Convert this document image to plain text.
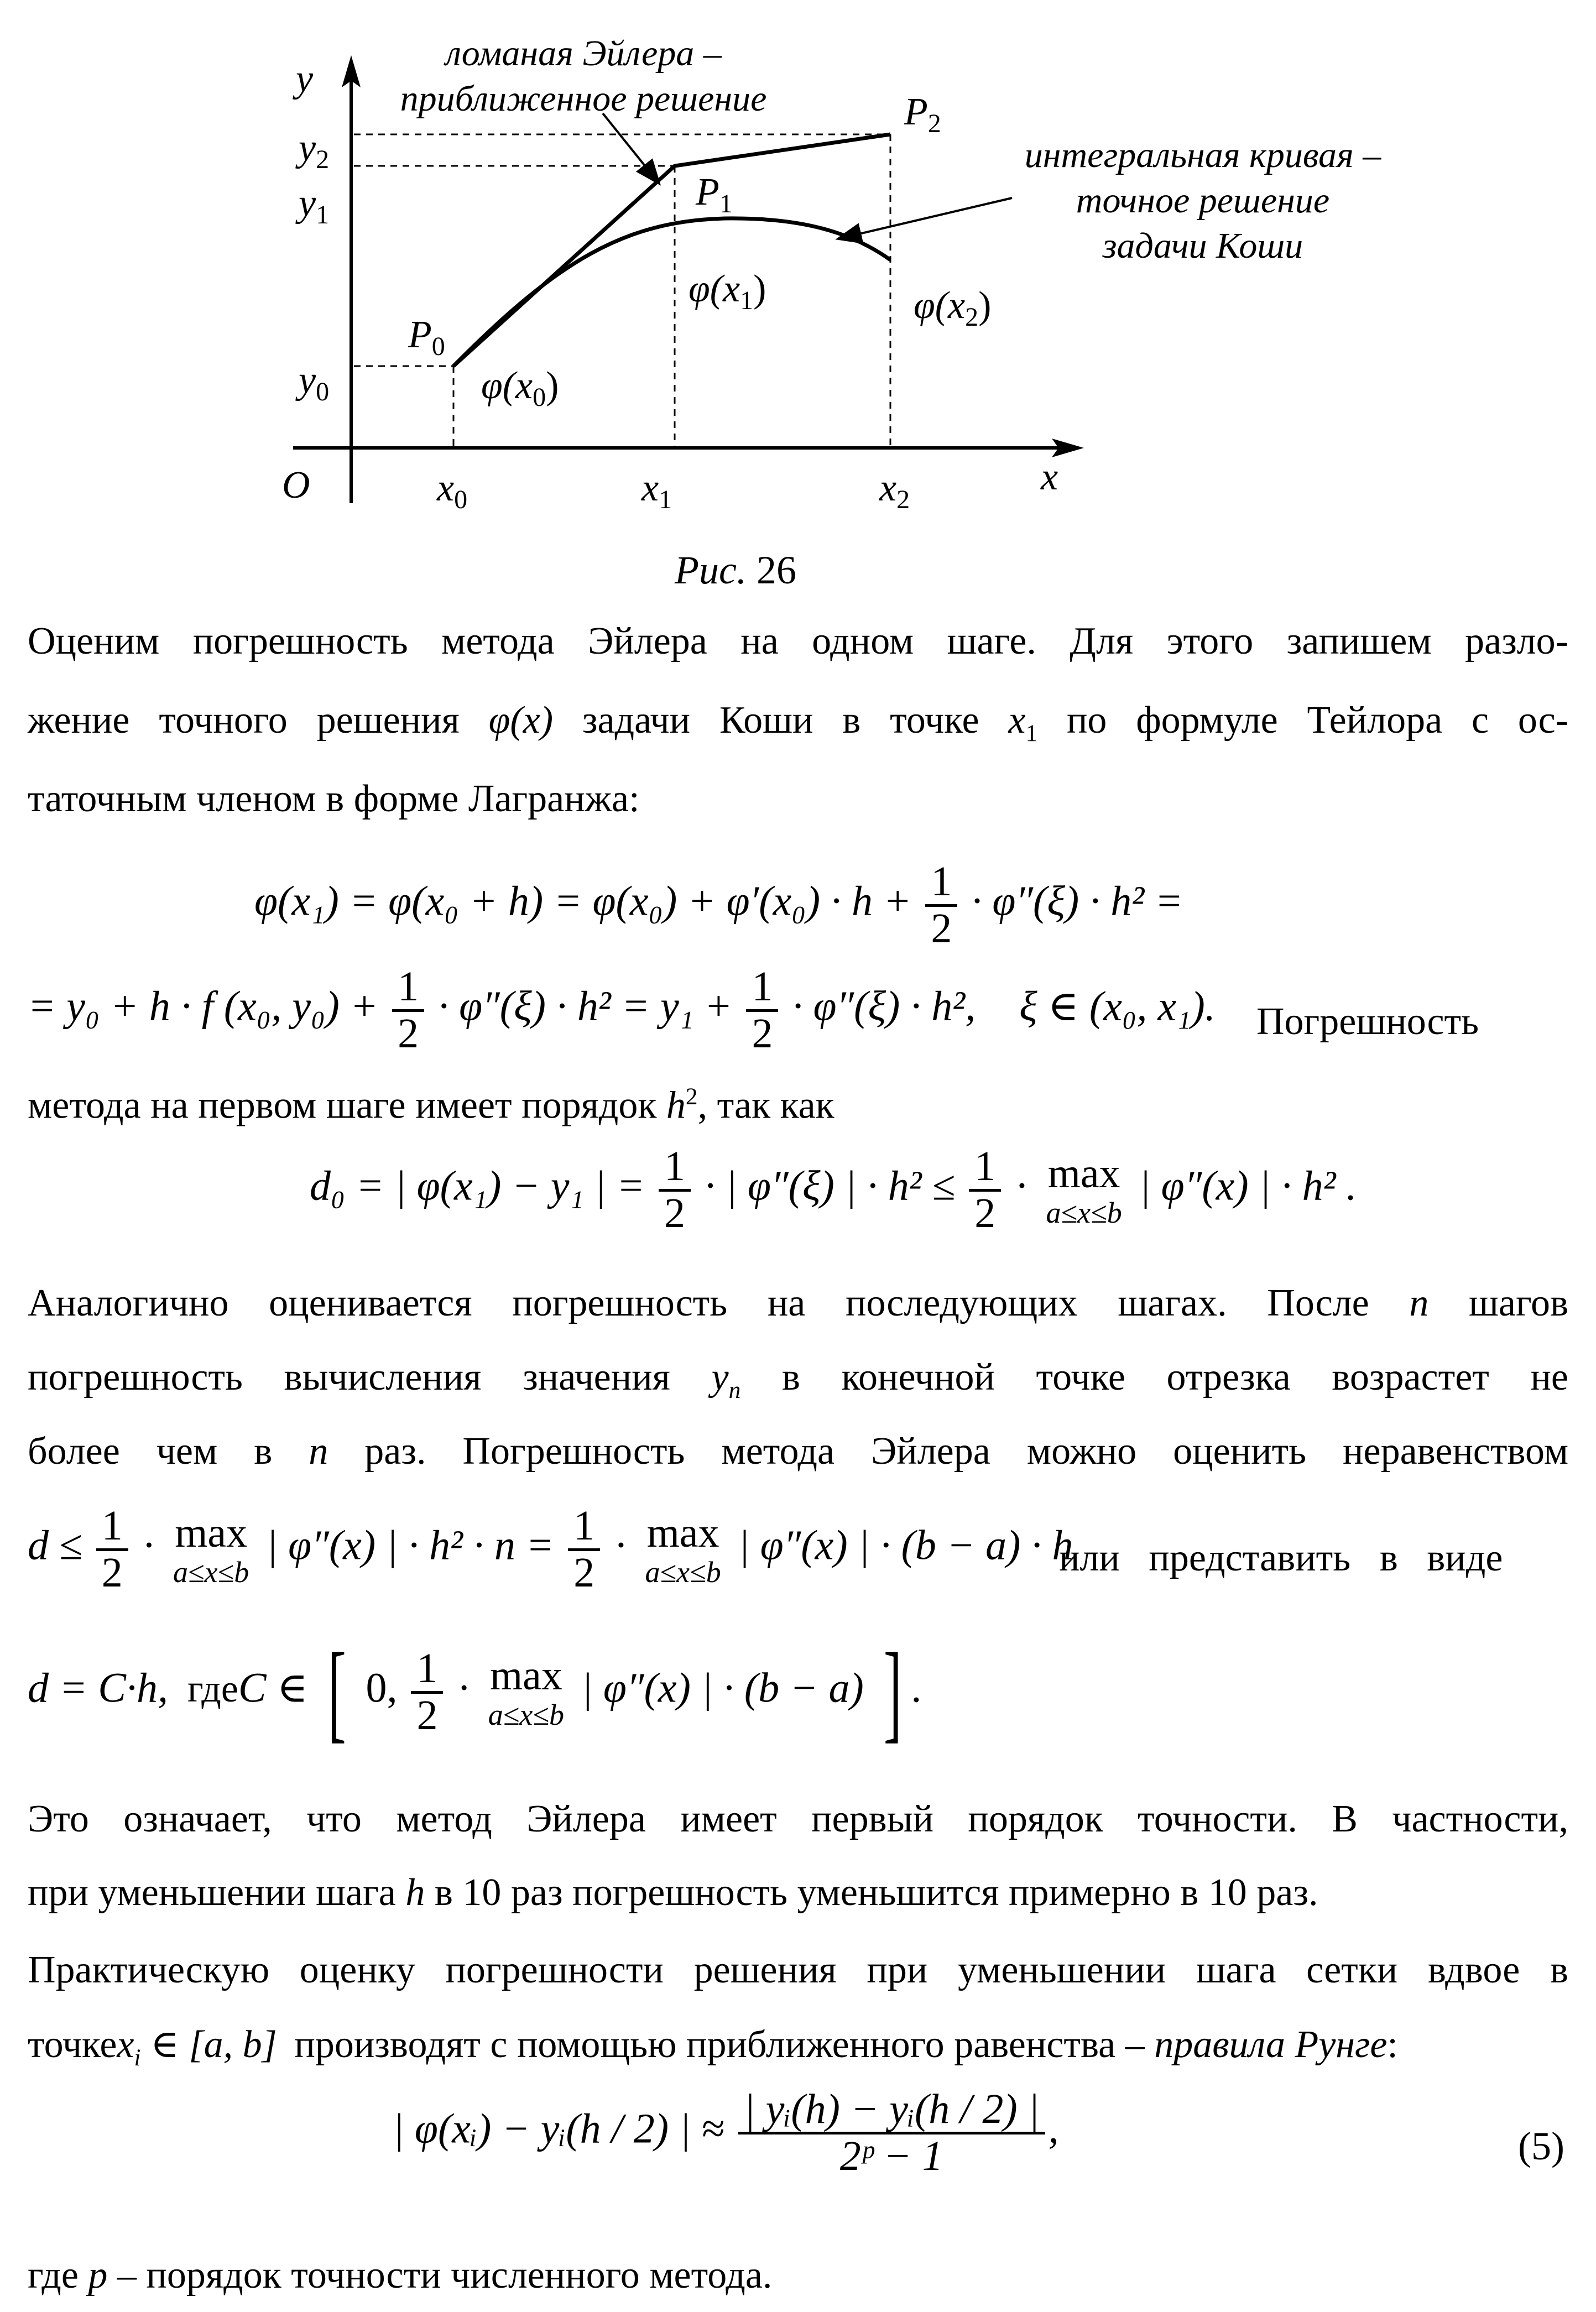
y
x
O
$y_2$
$y_1$
$y_0$
$x_0$	$x_1$	$x_2$
$P_0$
$P_1$
$P_2$
$\varphi(x_0)$
$\varphi(x_1)$	$\varphi(x_2)$
ломаная Эйлера –
приближенное решение
интегральная кривая –
точное решение
задачи Коши
Рис. 26
Оценим погрешность метода Эйлера на одном шаге. Для этого запишем разло-
жение точного решения φ(x) задачи Коши в точке $x_1$ по формуле Тейлора с ос-
таточным членом в форме Лагранжа:
$\varphi(x_1) = \varphi(x_0 + h) = \varphi(x_0) + \varphi'(x_0) \cdot h + \frac{1}{2} \cdot \varphi''(\xi) \cdot h^2$ =
= y₀ + h · f (x₀, $y_0) + \frac{1}{2} \cdot \varphi''(\xi) \cdot h^2 = y_1 + \frac{1}{2} \cdot \varphi''(\xi) \cdot h^2$, ξ ∈ (x₀, x₁). Погрешность
метода на первом шаге имеет порядок $h^2$, так как
d₀ = | φ(x₁) − y₁ | = $\frac{1}{2}$ · | φ″(ξ) | · $h^2 \le \frac{1}{2} \cdot \max$
a≤x≤b
| φ″(x) | · h² .
Аналогично оценивается погрешность на последующих шагах. После n шагов
погрешность вычисления значения $y_n$ в конечной точке отрезка возрастет не
более чем в n раз. Погрешность метода Эйлера можно оценить неравенством
$d \le \frac{1}{2} \cdot \max$
a≤x≤b
| φ″(x) | · $h^2 \cdot n = \frac{1}{2} \cdot \max$
a≤x≤b
| φ″(x) | · (b − a) · h
или   представить   в   виде
d = C·h, гдеC ∈ [ 0, $\frac{1}{2} \cdot \max$
a≤x≤b
| φ″(x) | · (b − a) ] .
Это означает, что метод Эйлера имеет первый порядок точности. В частности,
при уменьшении шага h в 10 раз погрешность уменьшится примерно в 10 раз.
Практическую оценку погрешности решения при уменьшении шага сетки вдвое в
точкеx$_i$ ∈ [a, b] производят с помощью приближенного равенства – правила Рунге:
| φ(xᵢ) − yᵢ(h / 2) | ≈ $\frac{\text{| yᵢ(h) − yᵢ(h / 2) |}}{\text{2ᵖ − 1}}$ ,	(5)
где p – порядок точности численного метода.
